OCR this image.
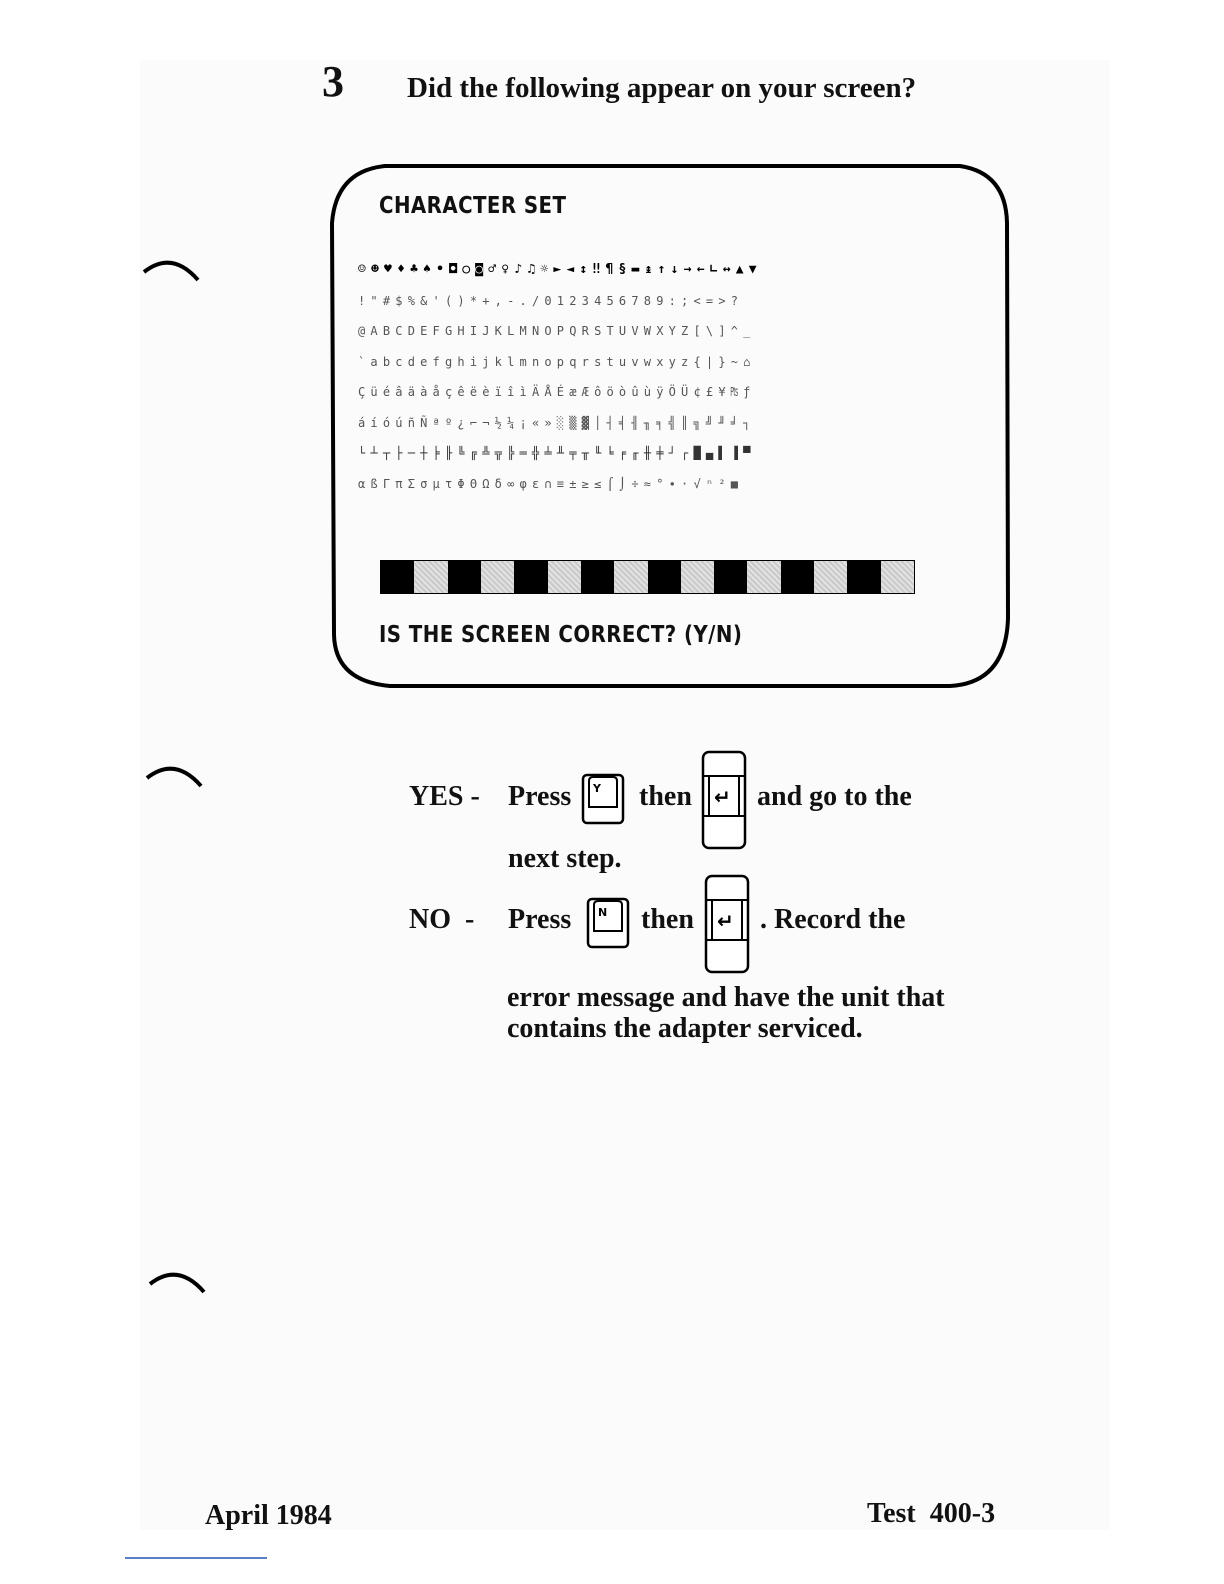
3 Did the following appear on your screen?
CHARACTER SET
☺☻♥♦♣♠•◘○◙♂♀♪♫☼►◄↕‼¶§▬↨↑↓→←∟↔▲▼
!"#$%&'()*+,-./0123456789:;<=>?
@ABCDEFGHIJKLMNOPQRSTUVWXYZ[\]^_
`abcdefghijklmnopqrstuvwxyz{|}~⌂
ÇüéâäàåçêëèïîìÄÅÉæÆôöòûùÿÖÜ¢£¥₧ƒ
áíóúñÑªº¿⌐¬½¼¡«»░▒▓│┤╡╢╖╕╣║╗╝╜╛┐
└┴┬├─┼╞╟╚╔╩╦╠═╬╧╨╤╥╙╘╒╓╫╪┘┌█▄▌▐▀
αßΓπΣσµτΦΘΩδ∞φε∩≡±≥≤⌠⌡÷≈°∙·√ⁿ²■
IS THE SCREEN CORRECT? (Y/N)
YES - Press Y then ↵ and go to the
next step.
NO  - Press N then ↵ . Record the
error message and have the unit that
contains the adapter serviced.
April 1984	Test  400-3
